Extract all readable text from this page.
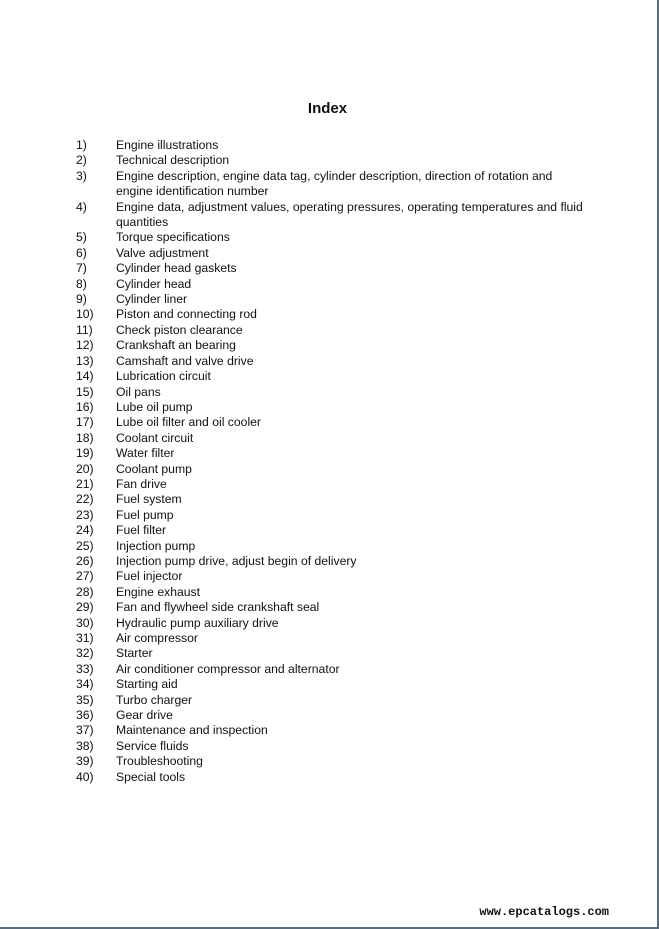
Index
1)	Engine illustrations
2)	Technical description
3)	Engine description, engine data tag, cylinder description, direction of rotation and engine identification number
4)	Engine data, adjustment values, operating pressures, operating temperatures and fluid quantities
5)	Torque specifications
6)	Valve adjustment
7)	Cylinder head gaskets
8)	Cylinder head
9)	Cylinder liner
10)	Piston and connecting rod
11)	Check piston clearance
12)	Crankshaft an bearing
13)	Camshaft and valve drive
14)	Lubrication circuit
15)	Oil pans
16)	Lube oil pump
17)	Lube oil filter and oil cooler
18)	Coolant circuit
19)	Water filter
20)	Coolant pump
21)	Fan drive
22)	Fuel system
23)	Fuel pump
24)	Fuel filter
25)	Injection pump
26)	Injection pump drive, adjust begin of delivery
27)	Fuel injector
28)	Engine exhaust
29)	Fan and flywheel side crankshaft seal
30)	Hydraulic pump auxiliary drive
31)	Air compressor
32)	Starter
33)	Air conditioner compressor and alternator
34)	Starting aid
35)	Turbo charger
36)	Gear drive
37)	Maintenance and inspection
38)	Service fluids
39)	Troubleshooting
40)	Special tools
www.epcatalogs.com
